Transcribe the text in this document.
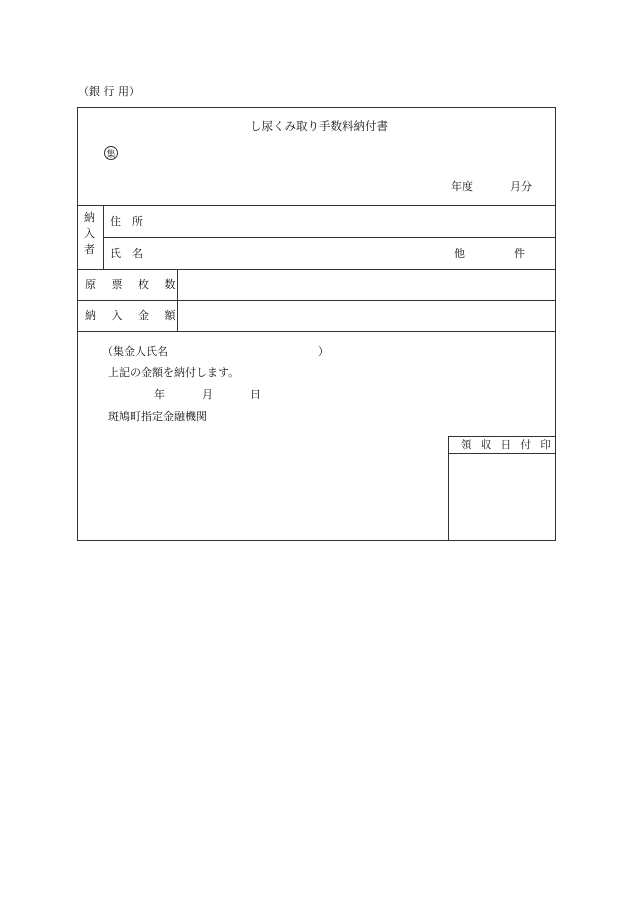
（銀 行 用）
し尿くみ取り手数料納付書
集
年度	月分
納
入
者
住　所
氏　名	他	件
原 票 枚 数
納 入 金 額
（集金人氏名	）
上記の金額を納付します。
年	月	日
斑鳩町指定金融機関
領 収 日 付 印
